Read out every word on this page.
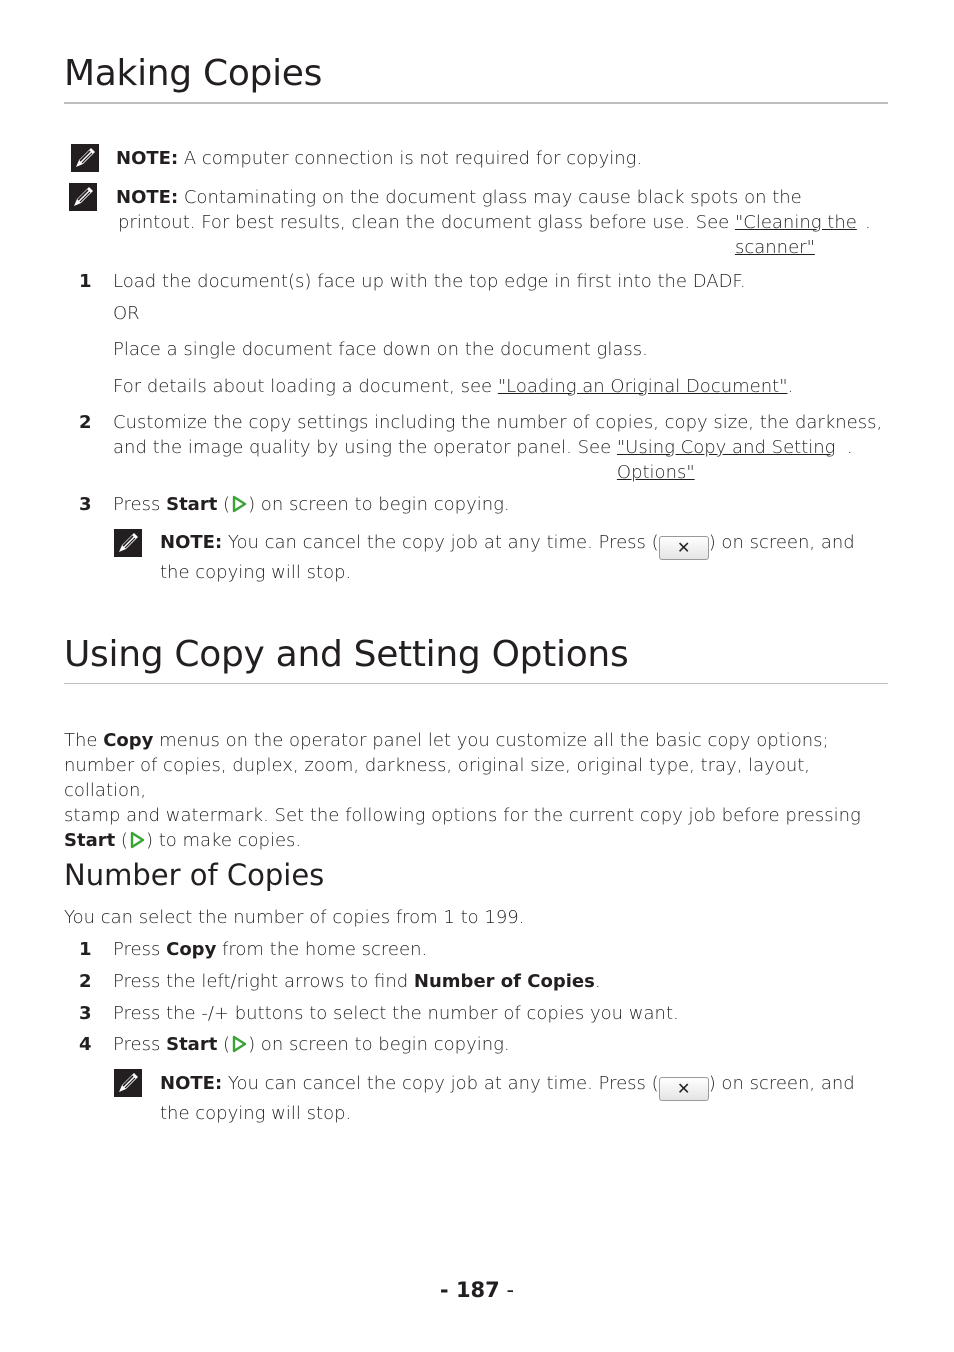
Making Copies
NOTE: A computer connection is not required for copying.
NOTE: Contaminating on the document glass may cause black spots on the
printout. For best results, clean the document glass before use. See "Cleaning the scanner".
1	Load the document(s) face up with the top edge in first into the DADF.
OR
Place a single document face down on the document glass.
For details about loading a document, see "Loading an Original Document".
2	Customize the copy settings including the number of copies, copy size, the darkness,
and the image quality by using the operator panel. See "Using Copy and Setting Options".
3	Press Start ( ) on screen to begin copying.
NOTE: You can cancel the copy job at any time. Press ( ✕ ) on screen, and
the copying will stop.
Using Copy and Setting Options
The Copy menus on the operator panel let you customize all the basic copy options;
number of copies, duplex, zoom, darkness, original size, original type, tray, layout, collation,
stamp and watermark. Set the following options for the current copy job before pressing
Start ( ) to make copies.
Number of Copies
You can select the number of copies from 1 to 199.
1	Press Copy from the home screen.
2	Press the left/right arrows to find Number of Copies.
3	Press the -/+ buttons to select the number of copies you want.
4	Press Start ( ) on screen to begin copying.
NOTE: You can cancel the copy job at any time. Press ( ✕ ) on screen, and
the copying will stop.
- 187 -
